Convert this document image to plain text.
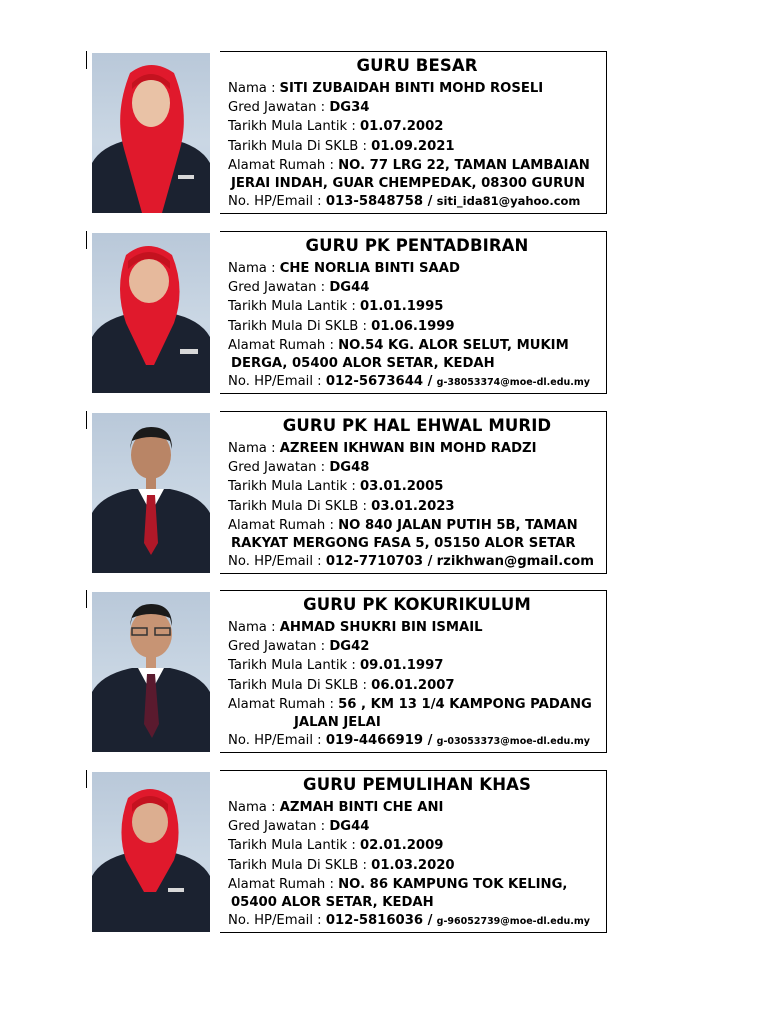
GURU BESAR
Nama : SITI ZUBAIDAH BINTI MOHD ROSELI
Gred Jawatan : DG34
Tarikh Mula Lantik : 01.07.2002
Tarikh Mula Di SKLB : 01.09.2021
Alamat Rumah : NO. 77 LRG 22, TAMAN LAMBAIAN
JERAI INDAH, GUAR CHEMPEDAK, 08300 GURUN
No. HP/Email : 013-5848758 / siti_ida81@yahoo.com
GURU PK PENTADBIRAN
Nama : CHE NORLIA BINTI SAAD
Gred Jawatan : DG44
Tarikh Mula Lantik : 01.01.1995
Tarikh Mula Di SKLB : 01.06.1999
Alamat Rumah : NO.54 KG. ALOR SELUT, MUKIM
DERGA, 05400 ALOR SETAR, KEDAH
No. HP/Email : 012-5673644 / g-38053374@moe-dl.edu.my
GURU PK HAL EHWAL MURID
Nama : AZREEN IKHWAN BIN MOHD RADZI
Gred Jawatan : DG48
Tarikh Mula Lantik : 03.01.2005
Tarikh Mula Di SKLB : 03.01.2023
Alamat Rumah : NO 840 JALAN PUTIH 5B, TAMAN
RAKYAT MERGONG FASA 5, 05150 ALOR SETAR
No. HP/Email : 012-7710703 / rzikhwan@gmail.com
GURU PK KOKURIKULUM
Nama : AHMAD SHUKRI BIN ISMAIL
Gred Jawatan : DG42
Tarikh Mula Lantik : 09.01.1997
Tarikh Mula Di SKLB : 06.01.2007
Alamat Rumah : 56 , KM 13 1/4 KAMPONG PADANG
JALAN JELAI
No. HP/Email : 019-4466919 / g-03053373@moe-dl.edu.my
GURU PEMULIHAN KHAS
Nama : AZMAH BINTI CHE ANI
Gred Jawatan : DG44
Tarikh Mula Lantik : 02.01.2009
Tarikh Mula Di SKLB : 01.03.2020
Alamat Rumah : NO. 86 KAMPUNG TOK KELING,
05400 ALOR SETAR, KEDAH
No. HP/Email : 012-5816036 / g-96052739@moe-dl.edu.my
